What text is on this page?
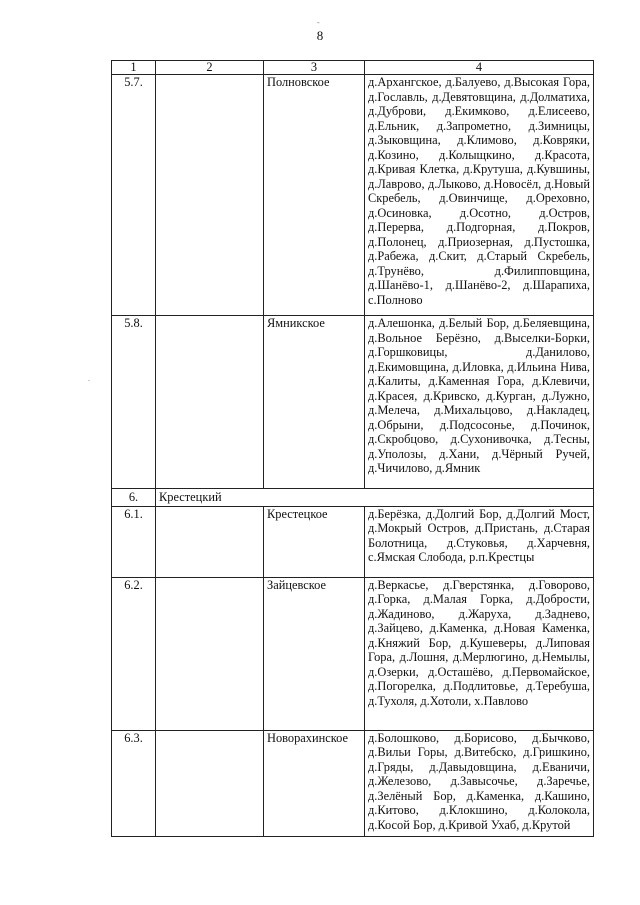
8
-
.
1	2	3	4
5.7.		Полновское	д.Архангское, д.Балуево, д.Высокая Гора, д.Гославль, д.Девятовщина, д.Долматиха, д.Дуброви, д.Екимково, д.Елисеево, д.Ельник, д.Запрометно, д.Зимницы, д.Зыковщина, д.Климово, д.Ковряки, д.Козино, д.Колыщкино, д.Красота, д.Кривая Клетка, д.Крутуша, д.Кувшины, д.Лаврово, д.Лыково, д.Новосёл, д.Новый Скребель, д.Овинчище, д.Ореховно, д.Осиновка, д.Осотно, д.Остров, д.Перерва, д.Подгорная, д.Покров, д.Полонец, д.Приозерная, д.Пустошка, д.Рабежа, д.Скит, д.Старый Скребель, д.Трунёво, д.Филипповщина, д.Шанёво-1, д.Шанёво-2, д.Шарапиха, с.Полново
5.8.		Ямникское	д.Алешонка, д.Белый Бор, д.Беляевщина, д.Вольное Берёзно, д.Выселки-Борки, д.Горшковицы, д.Данилово, д.Екимовщина, д.Иловка, д.Ильина Нива, д.Калиты, д.Каменная Гора, д.Клевичи, д.Красея, д.Кривско, д.Курган, д.Лужно, д.Мелеча, д.Михальцово, д.Накладец, д.Обрыни, д.Подсосонье, д.Починок, д.Скробцово, д.Сухонивочка, д.Тесны, д.Уполозы, д.Хани, д.Чёрный Ручей, д.Чичилово, д.Ямник
6.	Крестецкий		
6.1.		Крестецкое	д.Берёзка, д.Долгий Бор, д.Долгий Мост, д.Мокрый Остров, д.Пристань, д.Старая Болотница, д.Стуковья, д.Харчевня, с.Ямская Слобода, р.п.Крестцы
6.2.		Зайцевское	д.Веркасье, д.Гверстянка, д.Говорово, д.Горка, д.Малая Горка, д.Добрости, д.Жадиново, д.Жаруха, д.Заднево, д.Зайцево, д.Каменка, д.Новая Каменка, д.Княжий Бор, д.Кушеверы, д.Липовая Гора, д.Лошня, д.Мерлюгино, д.Немылы, д.Озерки, д.Осташёво, д.Первомайское, д.Погорелка, д.Подлитовье, д.Теребуша, д.Тухоля, д.Хотоли, х.Павлово
6.3.		Новорахинское	д.Болошково, д.Борисово, д.Бычково, д.Вильи Горы, д.Витебско, д.Гришкино, д.Гряды, д.Давыдовщина, д.Еваничи, д.Железово, д.Завысочье, д.Заречье, д.Зелёный Бор, д.Каменка, д.Кашино, д.Китово, д.Клокшино, д.Колокола, д.Косой Бор, д.Кривой Ухаб, д.Крутой
